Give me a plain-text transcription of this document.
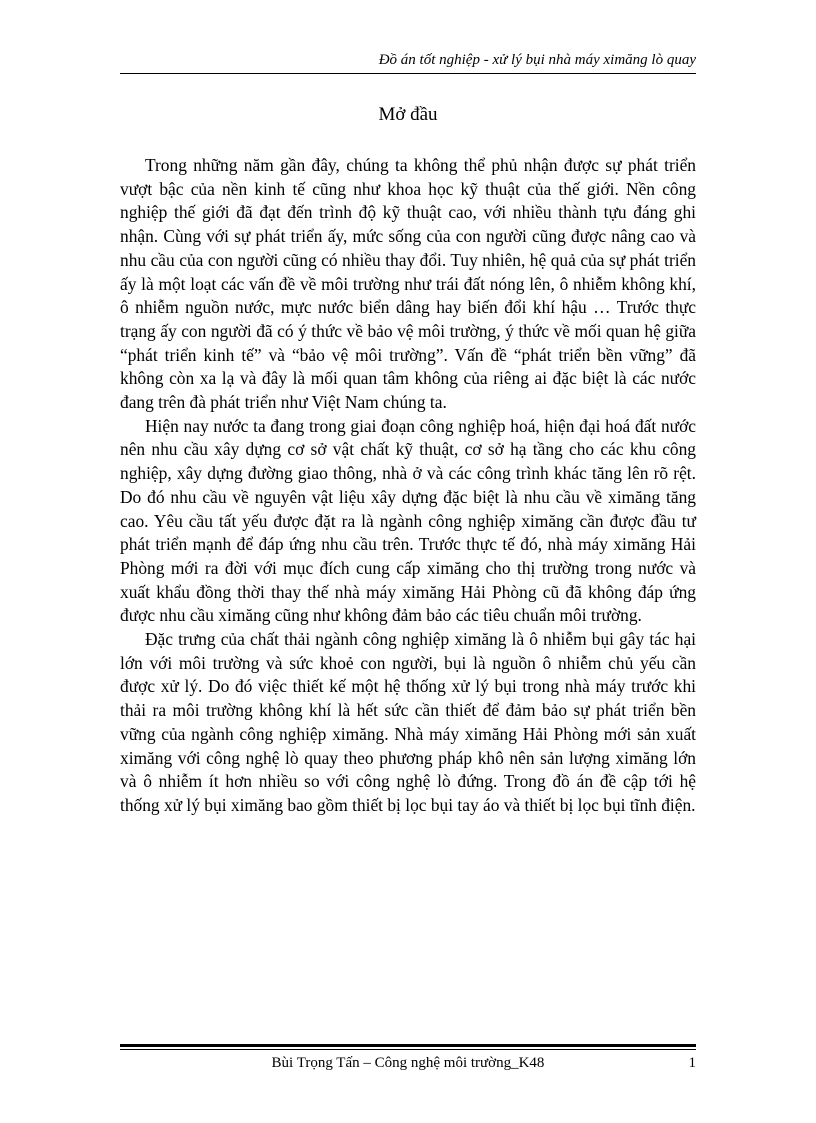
Đồ án tốt nghiệp - xử lý bụi nhà máy ximăng lò quay
Mở đầu

Trong những năm gần đây, chúng ta không thể phủ nhận được sự phát triển vượt bậc của nền kinh tế cũng như khoa học kỹ thuật của thế giới. Nền công nghiệp thế giới đã đạt đến trình độ kỹ thuật cao, với nhiều thành tựu đáng ghi nhận. Cùng với sự phát triển ấy, mức sống của con người cũng được nâng cao và nhu cầu của con người cũng có nhiều thay đổi. Tuy nhiên, hệ quả của sự phát triển ấy là một loạt các vấn đề về môi trường như trái đất nóng lên, ô nhiễm không khí, ô nhiễm nguồn nước, mực nước biển dâng hay biến đổi khí hậu … Trước thực trạng ấy con người đã có ý thức về bảo vệ môi trường, ý thức về mối quan hệ giữa “phát triển kinh tế” và “bảo vệ môi trường”. Vấn đề “phát triển bền vững” đã không còn xa lạ và đây là mối quan tâm không của riêng ai đặc biệt là các nước đang trên đà phát triển như Việt Nam chúng ta.

Hiện nay nước ta đang trong giai đoạn công nghiệp hoá, hiện đại hoá đất nước nên nhu cầu xây dựng cơ sở vật chất kỹ thuật, cơ sở hạ tầng cho các khu công nghiệp, xây dựng đường giao thông, nhà ở và các công trình khác tăng lên rõ rệt. Do đó nhu cầu về nguyên vật liệu xây dựng đặc biệt là nhu cầu về ximăng tăng cao. Yêu cầu tất yếu được đặt ra là ngành công nghiệp ximăng cần được đầu tư phát triển mạnh để đáp ứng nhu cầu trên. Trước thực tế đó, nhà máy ximăng Hải Phòng mới ra đời với mục đích cung cấp ximăng cho thị trường trong nước và xuất khẩu đồng thời thay thế nhà máy ximăng Hải Phòng cũ đã không đáp ứng được nhu cầu ximăng cũng như không đảm bảo các tiêu chuẩn môi trường.

Đặc trưng của chất thải ngành công nghiệp ximăng là ô nhiễm bụi gây tác hại lớn với môi trường và sức khoẻ con người, bụi là nguồn ô nhiễm chủ yếu cần được xử lý. Do đó việc thiết kế một hệ thống xử lý bụi trong nhà máy trước khi thải ra môi trường không khí là hết sức cần thiết để đảm bảo sự phát triển bền vững của ngành công nghiệp ximăng. Nhà máy ximăng Hải Phòng mới sản xuất ximăng với công nghệ lò quay theo phương pháp khô nên sản lượng ximăng lớn và ô nhiễm ít hơn nhiều so với công nghệ lò đứng. Trong đồ án đề cập tới hệ thống xử lý bụi ximăng bao gồm thiết bị lọc bụi tay áo và thiết bị lọc bụi tĩnh điện.

Bùi Trọng Tấn – Công nghệ môi trường_K48	1
